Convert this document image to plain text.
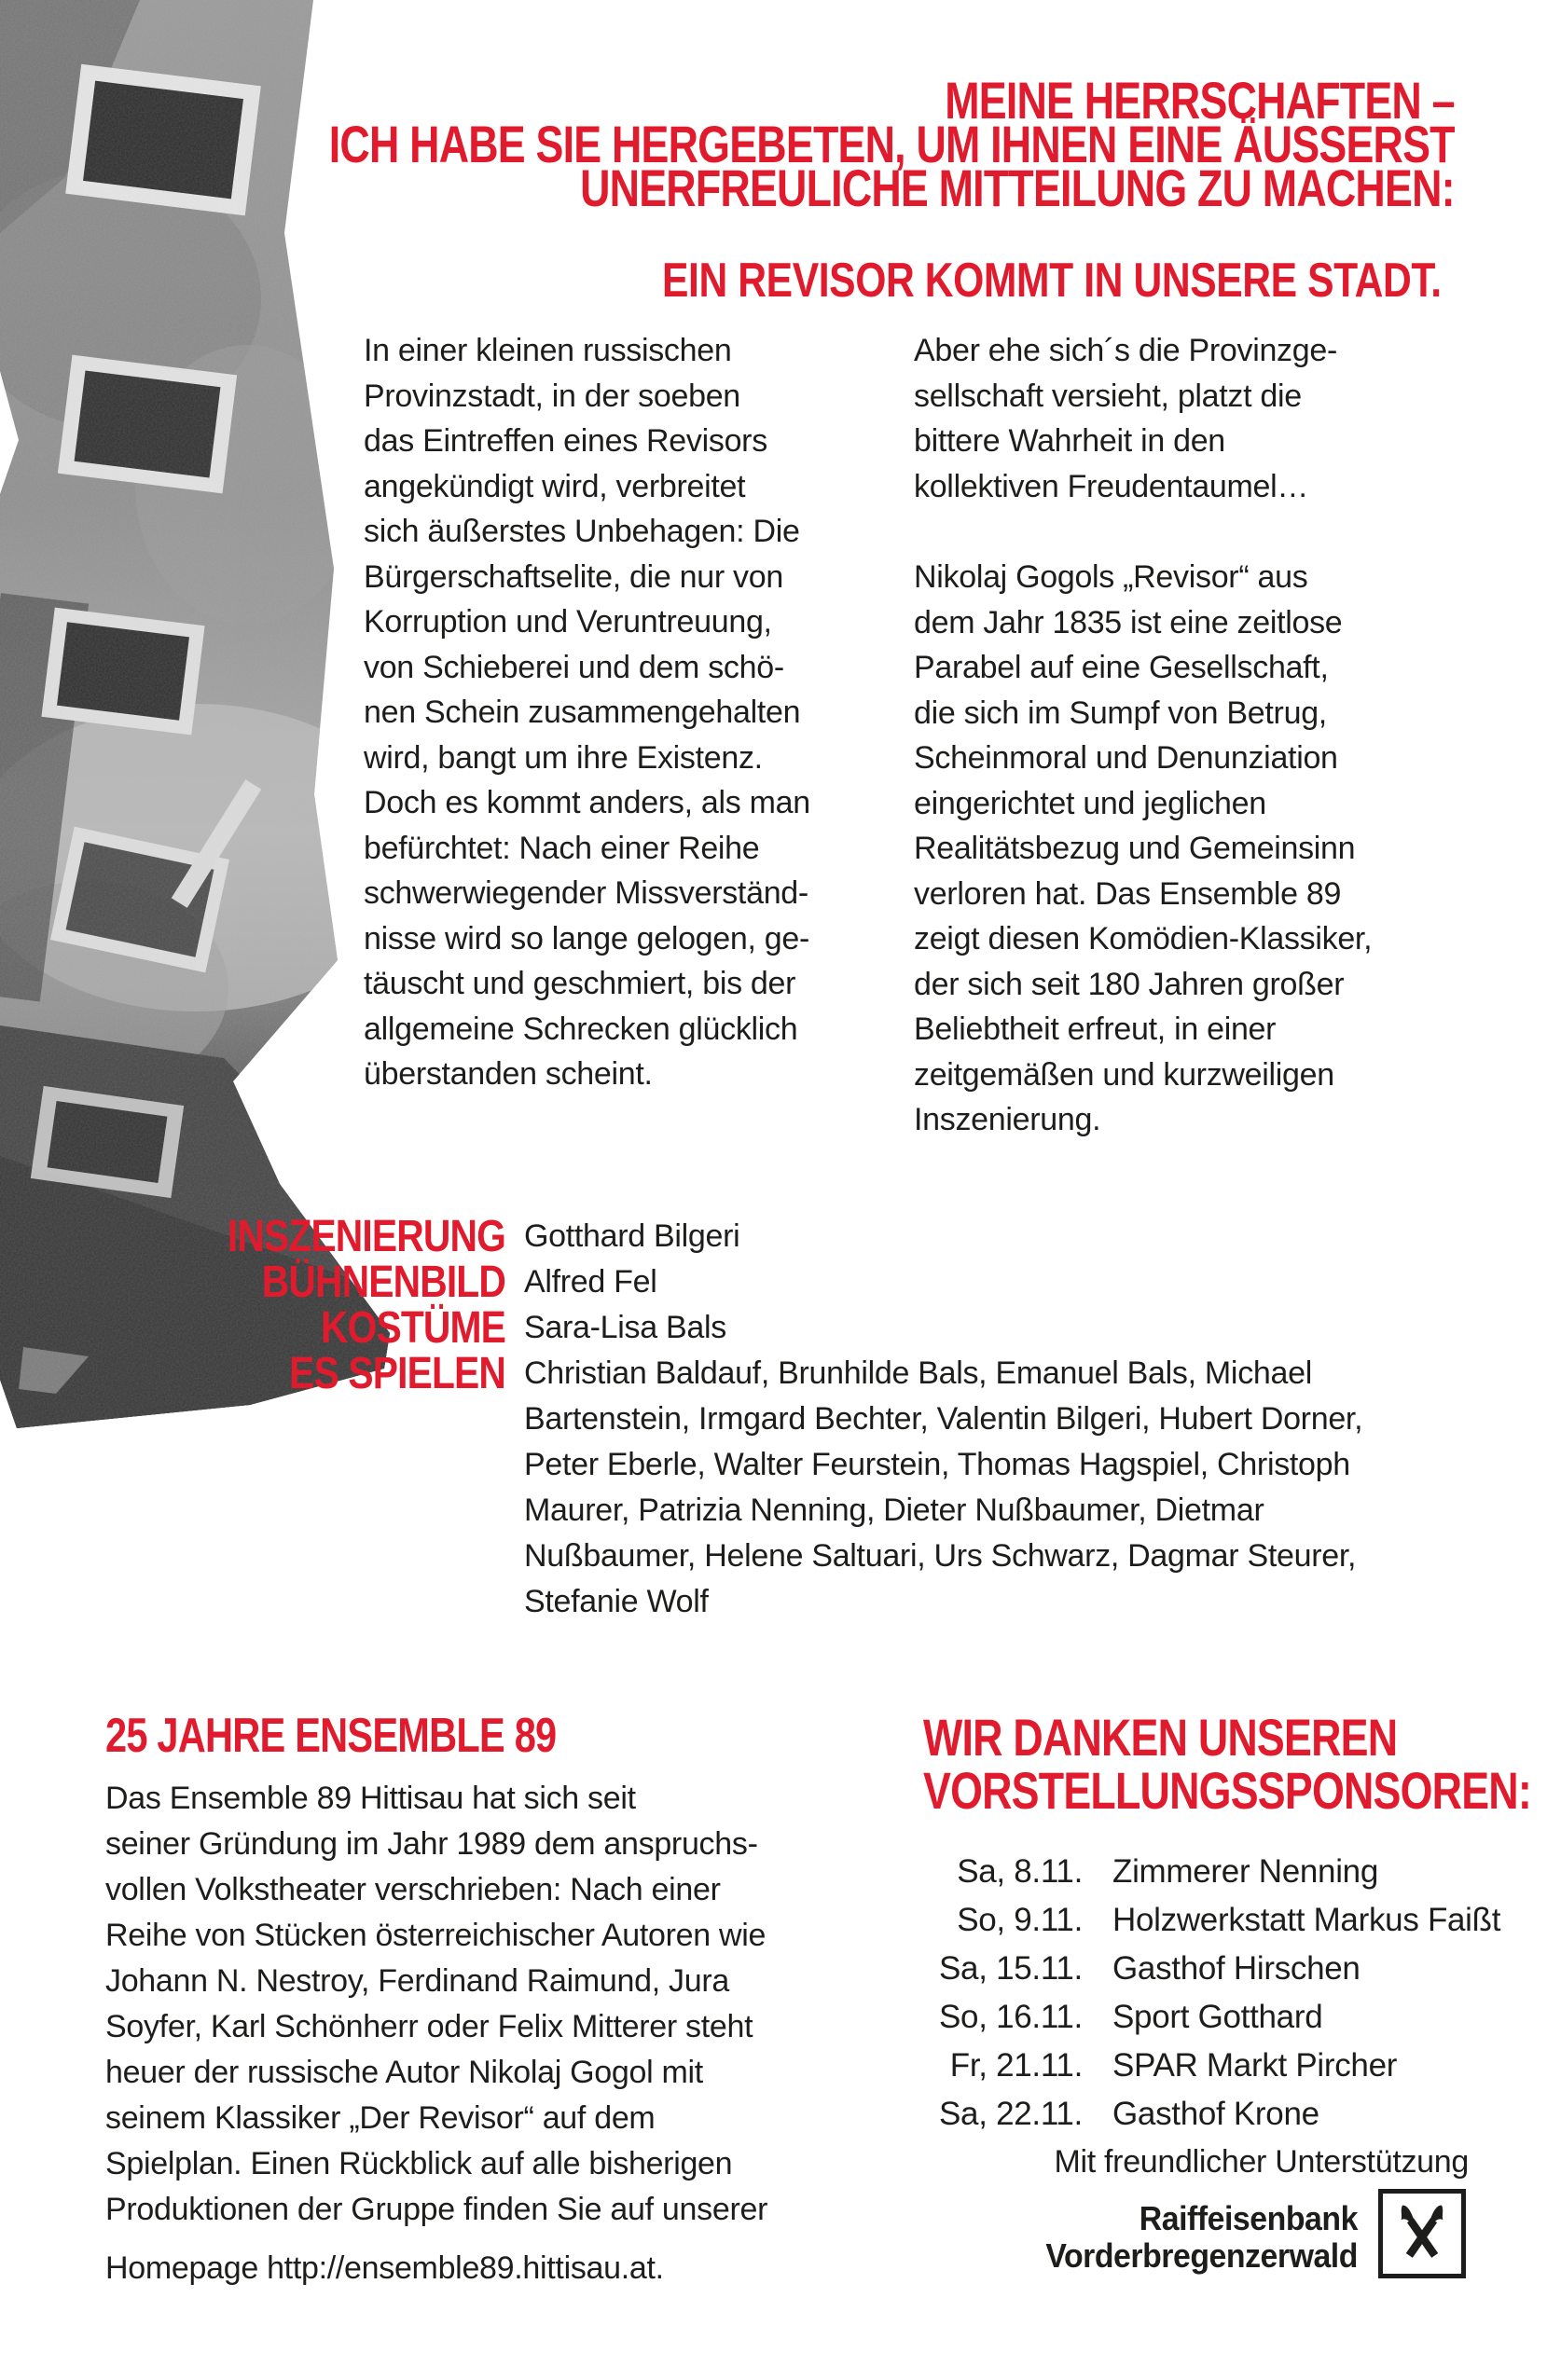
MEINE HERRSCHAFTEN –
ICH HABE SIE HERGEBETEN, UM IHNEN EINE ÄUSSERST
UNERFREULICHE MITTEILUNG ZU MACHEN:
EIN REVISOR KOMMT IN UNSERE STADT.
In einer kleinen russischen
Provinzstadt, in der soeben
das Eintreffen eines Revisors
angekündigt wird, verbreitet
sich äußerstes Unbehagen: Die
Bürgerschaftselite, die nur von
Korruption und Veruntreuung,
von Schieberei und dem schö-
nen Schein zusammengehalten
wird, bangt um ihre Existenz.
Doch es kommt anders, als man
befürchtet: Nach einer Reihe
schwerwiegender Missverständ-
nisse wird so lange gelogen, ge-
täuscht und geschmiert, bis der
allgemeine Schrecken glücklich
überstanden scheint.
Aber ehe sich´s die Provinzge-
sellschaft versieht, platzt die
bittere Wahrheit in den
kollektiven Freudentaumel…
Nikolaj Gogols „Revisor“ aus
dem Jahr 1835 ist eine zeitlose
Parabel auf eine Gesellschaft,
die sich im Sumpf von Betrug,
Scheinmoral und Denunziation
eingerichtet und jeglichen
Realitätsbezug und Gemeinsinn
verloren hat. Das Ensemble 89
zeigt diesen Komödien-Klassiker,
der sich seit 180 Jahren großer
Beliebtheit erfreut, in einer
zeitgemäßen und kurzweiligen
Inszenierung.
INSZENIERUNG Gotthard Bilgeri
BÜHNENBILD Alfred Fel
KOSTÜME Sara-Lisa Bals
ES SPIELEN Christian Baldauf, Brunhilde Bals, Emanuel Bals, Michael
Bartenstein, Irmgard Bechter, Valentin Bilgeri, Hubert Dorner,
Peter Eberle, Walter Feurstein, Thomas Hagspiel, Christoph
Maurer, Patrizia Nenning, Dieter Nußbaumer, Dietmar
Nußbaumer, Helene Saltuari, Urs Schwarz, Dagmar Steurer,
Stefanie Wolf
25 JAHRE ENSEMBLE 89
Das Ensemble 89 Hittisau hat sich seit
seiner Gründung im Jahr 1989 dem anspruchs-
vollen Volkstheater verschrieben: Nach einer
Reihe von Stücken österreichischer Autoren wie
Johann N. Nestroy, Ferdinand Raimund, Jura
Soyfer, Karl Schönherr oder Felix Mitterer steht
heuer der russische Autor Nikolaj Gogol mit
seinem Klassiker „Der Revisor“ auf dem
Spielplan. Einen Rückblick auf alle bisherigen
Produktionen der Gruppe finden Sie auf unserer
Homepage http://ensemble89.hittisau.at.
WIR DANKEN UNSEREN
VORSTELLUNGSSPONSOREN:
Sa, 8.11. Zimmerer Nenning
So, 9.11. Holzwerkstatt Markus Faißt
Sa, 15.11. Gasthof Hirschen
So, 16.11. Sport Gotthard
Fr, 21.11. SPAR Markt Pircher
Sa, 22.11. Gasthof Krone
Mit freundlicher Unterstützung
Raiffeisenbank
Vorderbregenzerwald
